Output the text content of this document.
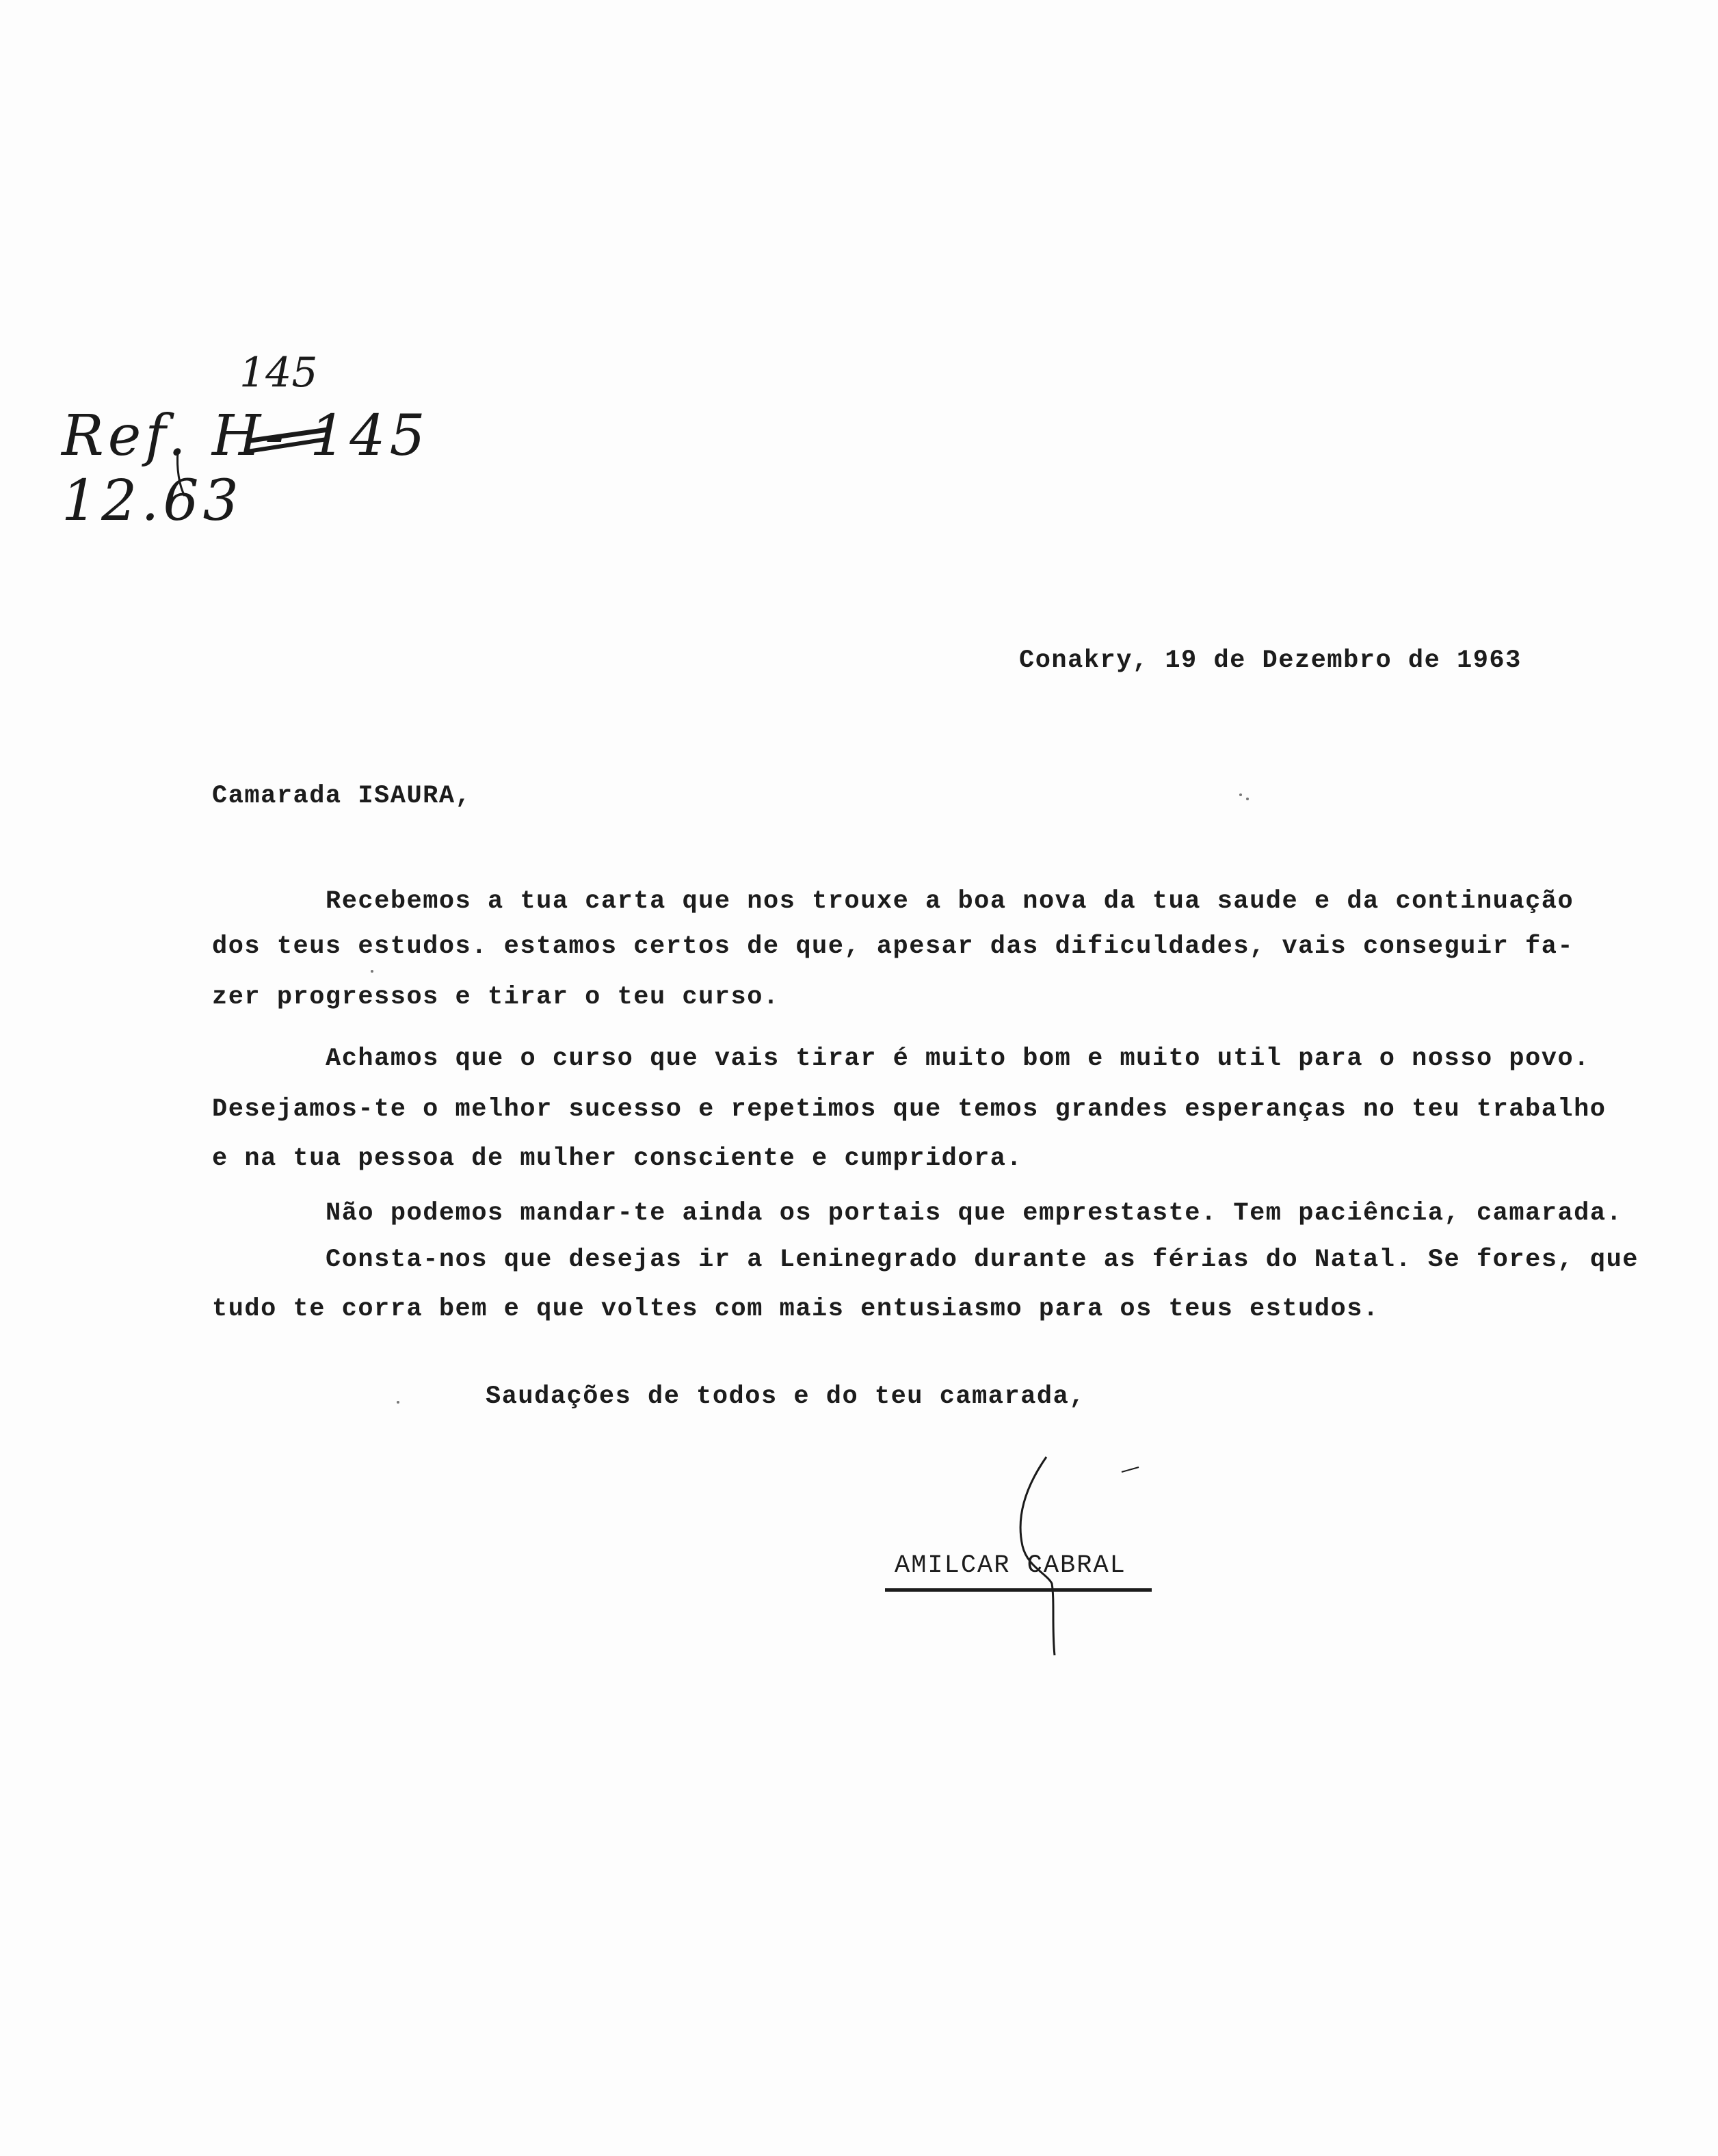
145
Ref. H- 145 12.63
Conakry, 19 de Dezembro de 1963
Camarada ISAURA,
Recebemos a tua carta que nos trouxe a boa nova da tua saude e da continuação
dos teus estudos. estamos certos de que, apesar das dificuldades, vais conseguir fa-
zer progressos e tirar o teu curso.
Achamos que o curso que vais tirar é muito bom e muito util para o nosso povo.
Desejamos-te o melhor sucesso e repetimos que temos grandes esperanças no teu trabalho
e na tua pessoa de mulher consciente e cumpridora.
Não podemos mandar-te ainda os portais que emprestaste. Tem paciência, camarada.
Consta-nos que desejas ir a Leninegrado durante as férias do Natal. Se fores, que
tudo te corra bem e que voltes com mais entusiasmo para os teus estudos.
Saudações de todos e do teu camarada,
AMILCAR CABRAL
